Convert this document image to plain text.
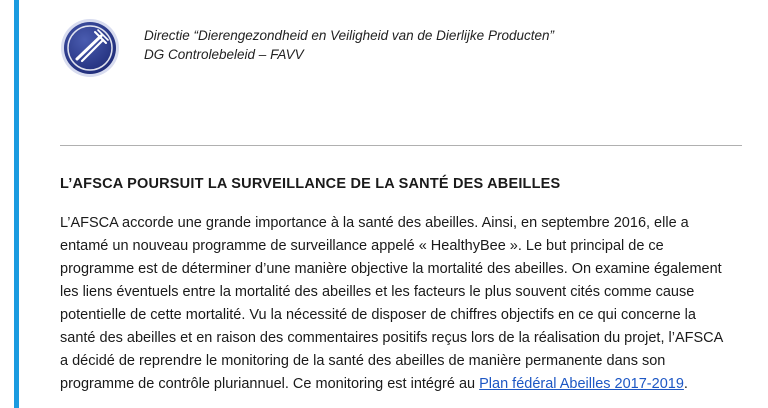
Directie “Dierengezondheid en Veiligheid van de Dierlijke Producten”
DG Controlebeleid – FAVV
L’AFSCA POURSUIT LA SURVEILLANCE DE LA SANTÉ DES ABEILLES
L’AFSCA accorde une grande importance à la santé des abeilles. Ainsi, en septembre 2016, elle a
entamé un nouveau programme de surveillance appelé « HealthyBee ». Le but principal de ce
programme est de déterminer d’une manière objective la mortalité des abeilles. On examine également
les liens éventuels entre la mortalité des abeilles et les facteurs le plus souvent cités comme cause
potentielle de cette mortalité. Vu la nécessité de disposer de chiffres objectifs en ce qui concerne la
santé des abeilles et en raison des commentaires positifs reçus lors de la réalisation du projet, l’AFSCA
a décidé de reprendre le monitoring de la santé des abeilles de manière permanente dans son
programme de contrôle pluriannuel. Ce monitoring est intégré au Plan fédéral Abeilles 2017-2019.
